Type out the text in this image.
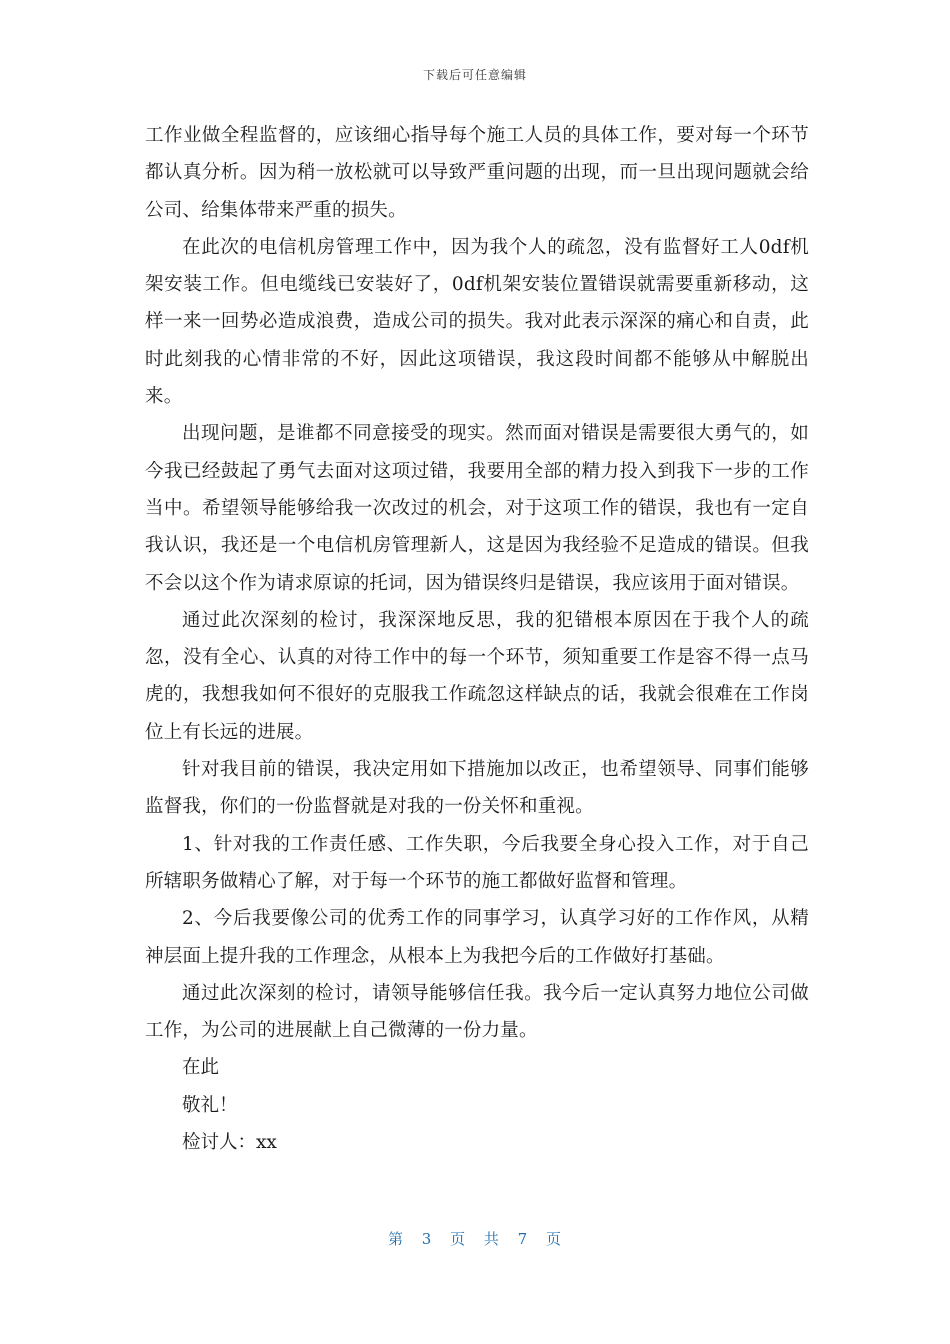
下载后可任意编辑

工作业做全程监督的，应该细心指导每个施工人员的具体工作，要对每一个环节都认真分析。因为稍一放松就可以导致严重问题的出现，而一旦出现问题就会给公司、给集体带来严重的损失。

在此次的电信机房管理工作中，因为我个人的疏忽，没有监督好工人0df机架安装工作。但电缆线已安装好了，0df机架安装位置错误就需要重新移动，这样一来一回势必造成浪费，造成公司的损失。我对此表示深深的痛心和自责，此时此刻我的心情非常的不好，因此这项错误，我这段时间都不能够从中解脱出来。

出现问题，是谁都不同意接受的现实。然而面对错误是需要很大勇气的，如今我已经鼓起了勇气去面对这项过错，我要用全部的精力投入到我下一步的工作当中。希望领导能够给我一次改过的机会，对于这项工作的错误，我也有一定自我认识，我还是一个电信机房管理新人，这是因为我经验不足造成的错误。但我不会以这个作为请求原谅的托词，因为错误终归是错误，我应该用于面对错误。

通过此次深刻的检讨，我深深地反思，我的犯错根本原因在于我个人的疏忽，没有全心、认真的对待工作中的每一个环节，须知重要工作是容不得一点马虎的，我想我如何不很好的克服我工作疏忽这样缺点的话，我就会很难在工作岗位上有长远的进展。

针对我目前的错误，我决定用如下措施加以改正，也希望领导、同事们能够监督我，你们的一份监督就是对我的一份关怀和重视。

1、针对我的工作责任感、工作失职，今后我要全身心投入工作，对于自己所辖职务做精心了解，对于每一个环节的施工都做好监督和管理。

2、今后我要像公司的优秀工作的同事学习，认真学习好的工作作风，从精神层面上提升我的工作理念，从根本上为我把今后的工作做好打基础。

通过此次深刻的检讨，请领导能够信任我。我今后一定认真努力地位公司做工作，为公司的进展献上自己微薄的一份力量。

在此

敬礼！

检讨人：xx

第 3 页 共 7 页
